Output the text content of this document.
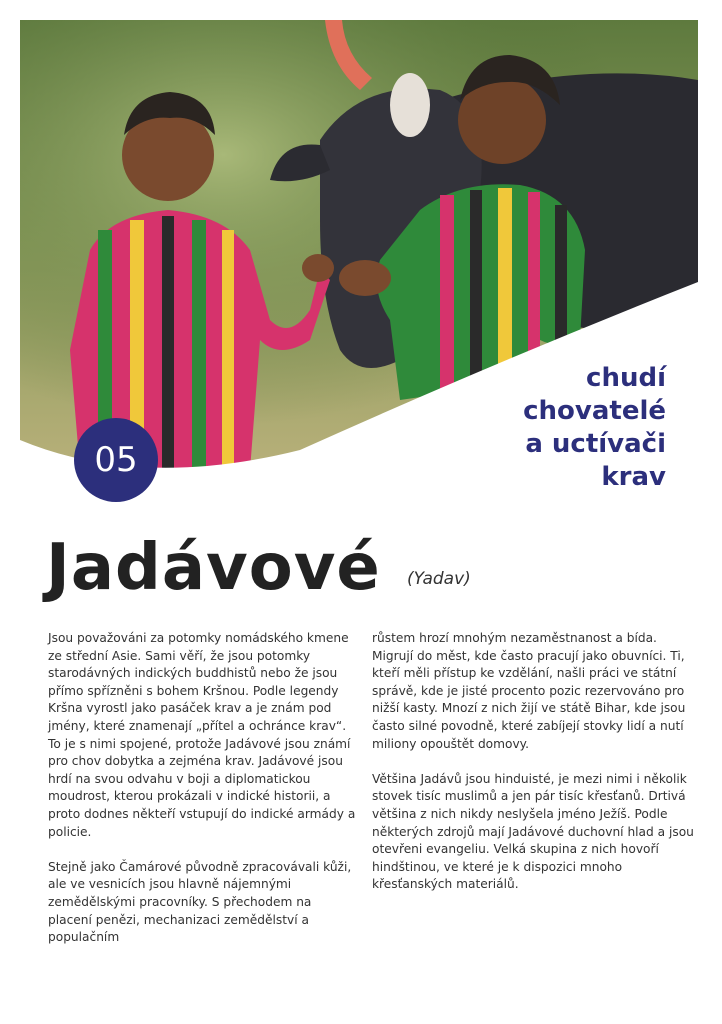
chudí
chovatelé
a uctívači
krav
05
Jadávové (Yadav)

Jsou považováni za potomky nomádského kmene ze střední Asie. Sami věří, že jsou potomky starodávných indických buddhistů nebo že jsou přímo spřízněni s bohem Kršnou. Podle legendy Kršna vyrostl jako pasáček krav a je znám pod jmény, které znamenají „přítel a ochránce krav“. To je s nimi spojené, protože Jadávové jsou známí pro chov dobytka a zejména krav. Jadávové jsou hrdí na svou odvahu v boji a diplomatickou moudrost, kterou prokázali v indické historii, a proto dodnes někteří vstupují do indické armády a policie.

Stejně jako Čamárové původně zpracovávali kůži, ale ve vesnicích jsou hlavně nájemnými zemědělskými pracovníky. S přechodem na placení penězi, mechanizaci zemědělství a populačním

růstem hrozí mnohým nezaměstnanost a bída. Migrují do měst, kde často pracují jako obuvníci. Ti, kteří měli přístup ke vzdělání, našli práci ve státní správě, kde je jisté procento pozic rezervováno pro nižší kasty. Mnozí z nich žijí ve státě Bihar, kde jsou často silné povodně, které zabíjejí stovky lidí a nutí miliony opouštět domovy.

Většina Jadávů jsou hinduisté, je mezi nimi i několik stovek tisíc muslimů a jen pár tisíc křesťanů. Drtivá většina z nich nikdy neslyšela jméno Ježíš. Podle některých zdrojů mají Jadávové duchovní hlad a jsou otevřeni evangeliu. Velká skupina z nich hovoří hindštinou, ve které je k dispozici mnoho křesťanských materiálů.
